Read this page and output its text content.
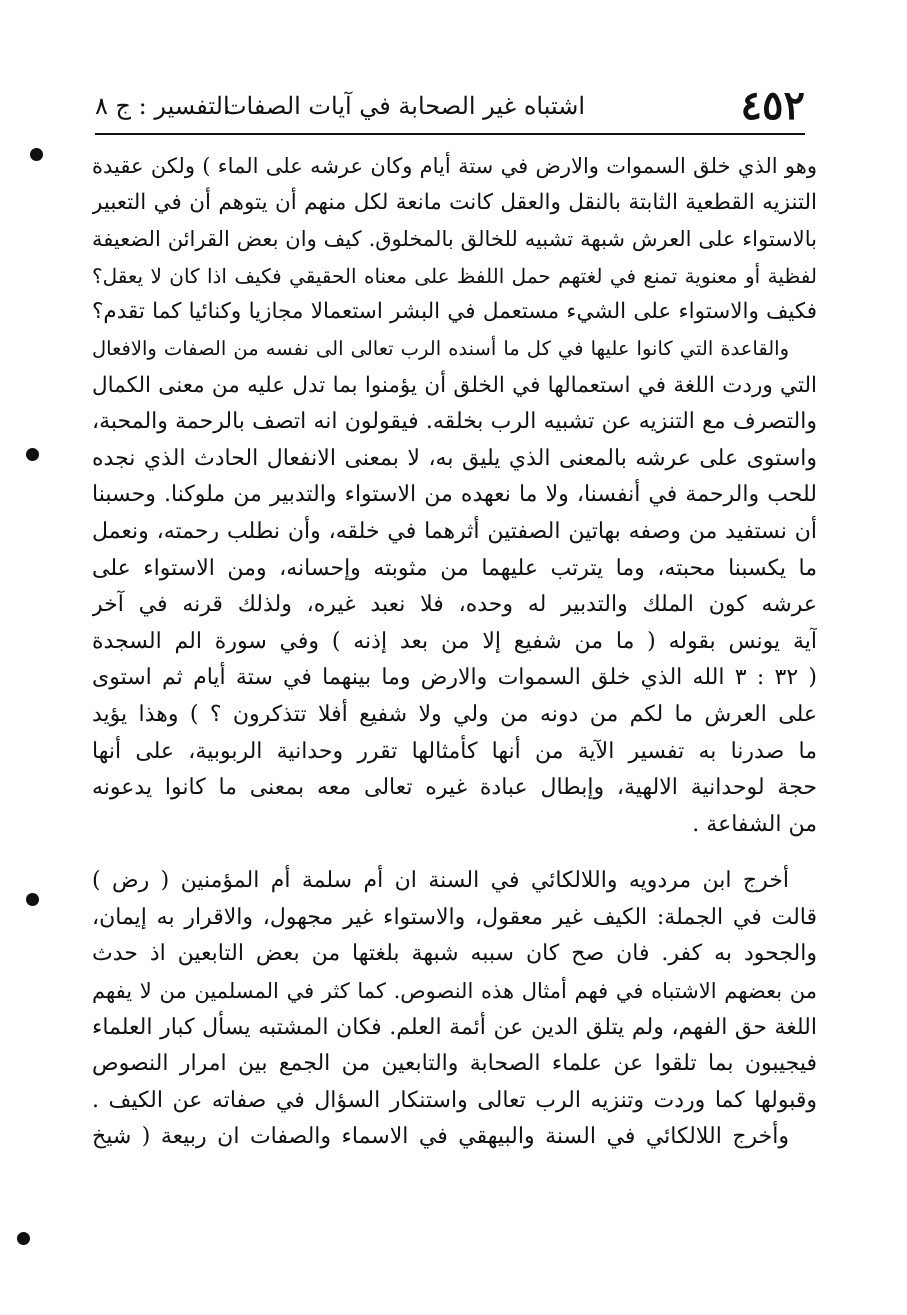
٤٥٢
اشتباه غير الصحابة في آيات الصفات
التفسير : ج ٨
وهو الذي خلق السموات والارض في ستة أيام وكان عرشه على الماء ) ولكن عقيدة
التنزيه القطعية الثابتة بالنقل والعقل كانت مانعة لكل منهم أن يتوهم أن في التعبير
بالاستواء على العرش شبهة تشبيه للخالق بالمخلوق. كيف وان بعض القرائن الضعيفة
لفظية أو معنوية تمنع في لغتهم حمل اللفظ على معناه الحقيقي فكيف اذا كان لا يعقل؟
فكيف والاستواء على الشيء مستعمل في البشر استعمالا مجازيا وكنائيا كما تقدم؟
والقاعدة التي كانوا عليها في كل ما أسنده الرب تعالى الى نفسه من الصفات والافعال
التي وردت اللغة في استعمالها في الخلق أن يؤمنوا بما تدل عليه من معنى الكمال
والتصرف مع التنزيه عن تشبيه الرب بخلقه. فيقولون انه اتصف بالرحمة والمحبة،
واستوى على عرشه بالمعنى الذي يليق به، لا بمعنى الانفعال الحادث الذي نجده
للحب والرحمة في أنفسنا، ولا ما نعهده من الاستواء والتدبير من ملوكنا. وحسبنا
أن نستفيد من وصفه بهاتين الصفتين أثرهما في خلقه، وأن نطلب رحمته، ونعمل
ما يكسبنا محبته، وما يترتب عليهما من مثوبته وإحسانه، ومن الاستواء على
عرشه كون الملك والتدبير له وحده، فلا نعبد غيره، ولذلك قرنه في آخر
آية يونس بقوله ( ما من شفيع إلا من بعد إذنه ) وفي سورة الم السجدة
( ٣٢ : ٣ الله الذي خلق السموات والارض وما بينهما في ستة أيام ثم استوى
على العرش ما لكم من دونه من ولي ولا شفيع أفلا تتذكرون ؟ ) وهذا يؤيد
ما صدرنا به تفسير الآية من أنها كأمثالها تقرر وحدانية الربوبية، على أنها
حجة لوحدانية الالهية، وإبطال عبادة غيره تعالى معه بمعنى ما كانوا يدعونه
من الشفاعة .
أخرج ابن مردويه واللالكائي في السنة ان أم سلمة أم المؤمنين ( رض )
قالت في الجملة: الكيف غير معقول، والاستواء غير مجهول، والاقرار به إيمان،
والجحود به كفر. فان صح كان سببه شبهة بلغتها من بعض التابعين اذ حدث
من بعضهم الاشتباه في فهم أمثال هذه النصوص. كما كثر في المسلمين من لا يفهم
اللغة حق الفهم، ولم يتلق الدين عن أئمة العلم. فكان المشتبه يسأل كبار العلماء
فيجيبون بما تلقوا عن علماء الصحابة والتابعين من الجمع بين امرار النصوص
وقبولها كما وردت وتنزيه الرب تعالى واستنكار السؤال في صفاته عن الكيف .
وأخرج اللالكائي في السنة والبيهقي في الاسماء والصفات ان ربيعة ( شيخ
